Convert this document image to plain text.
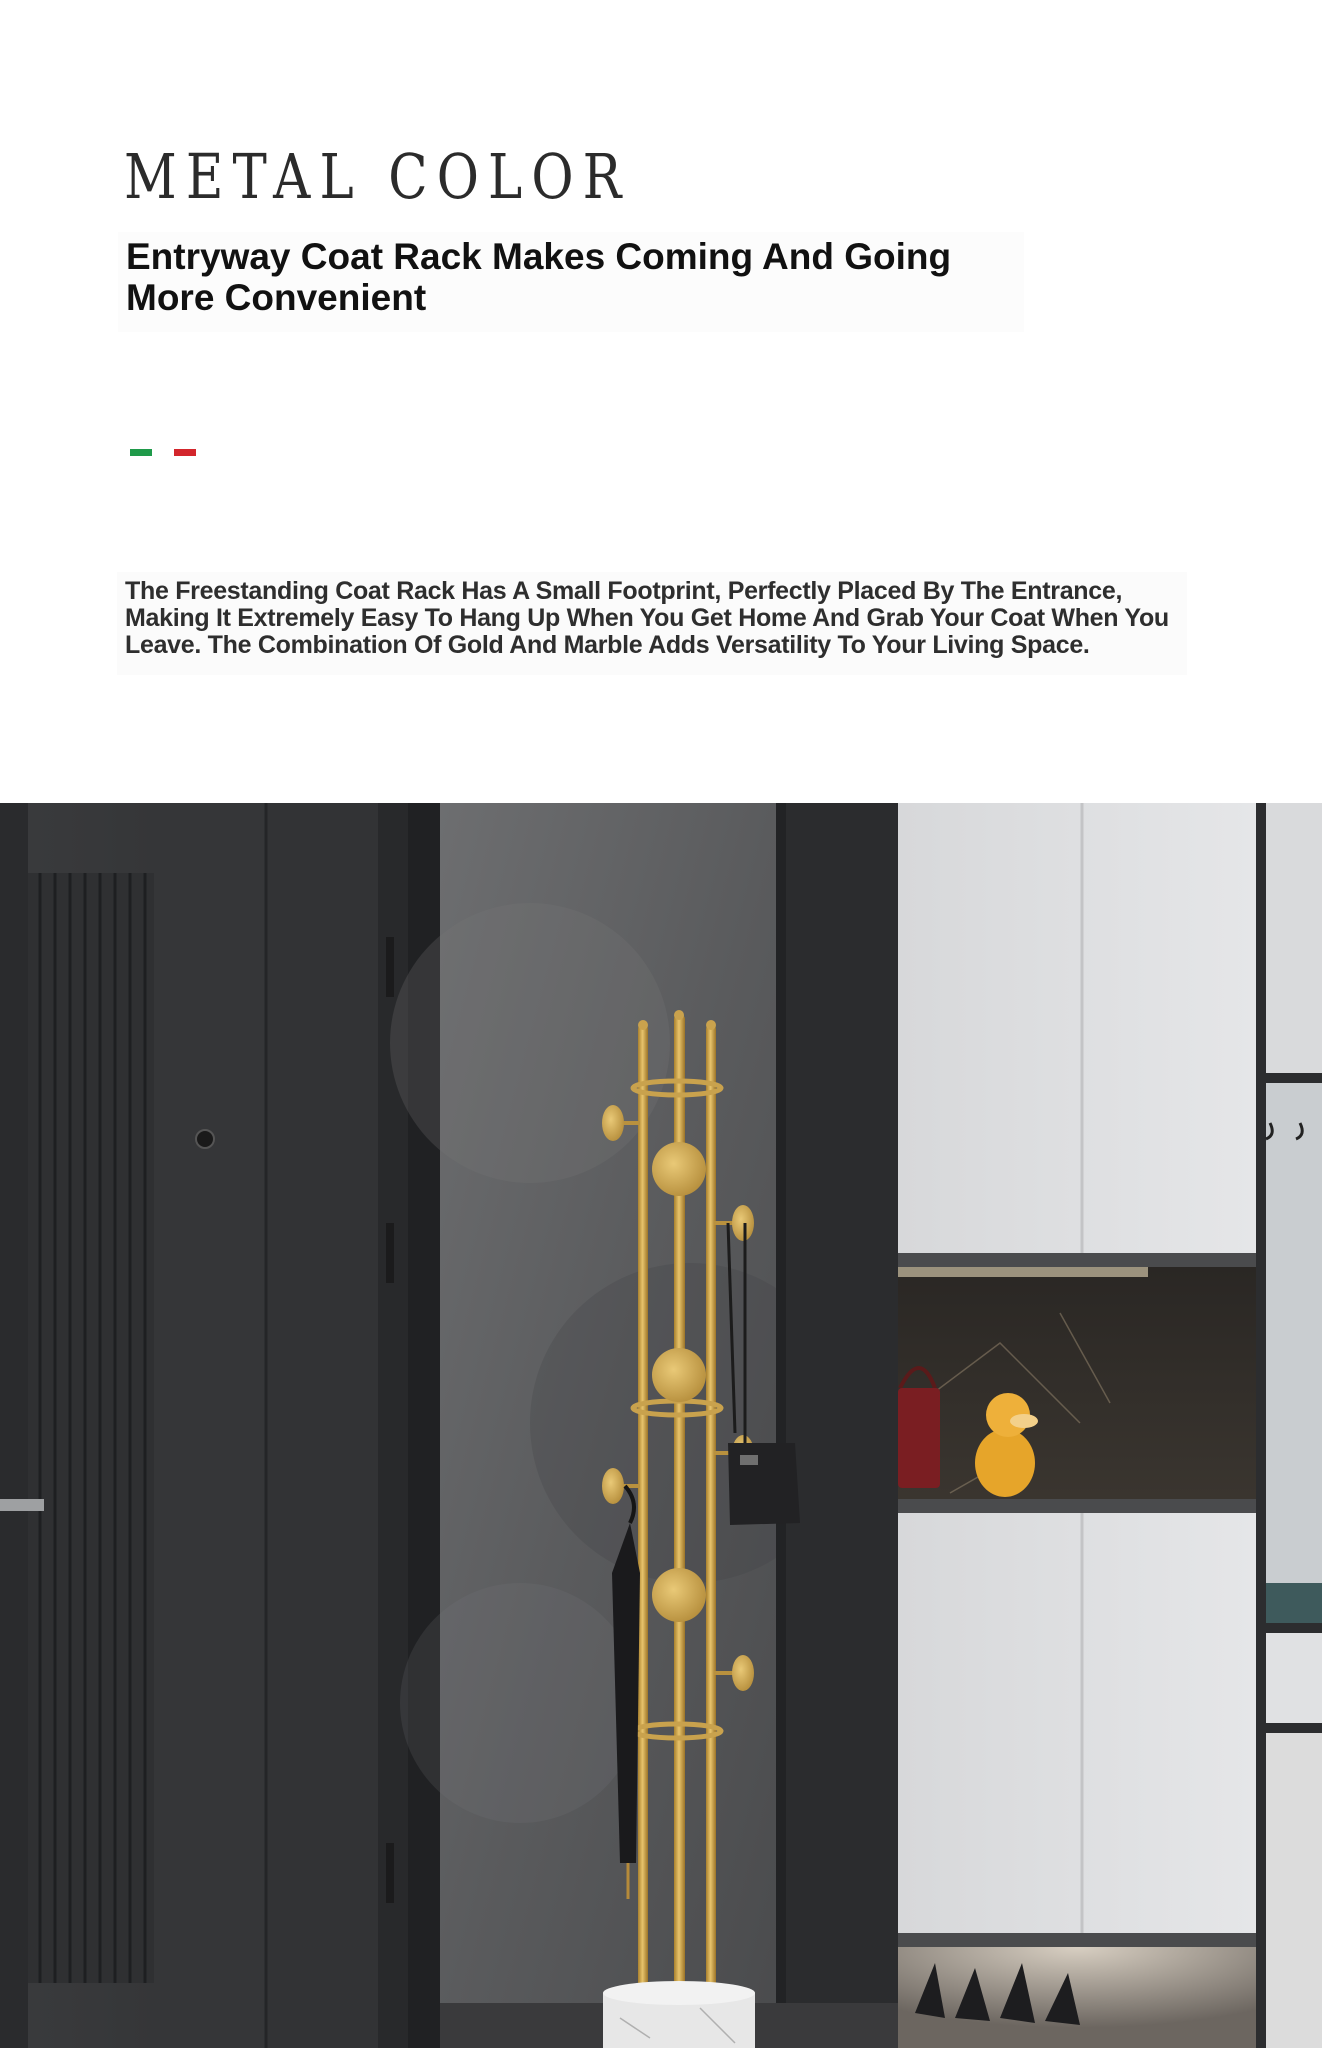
METAL COLOR
Entryway Coat Rack Makes Coming And Going More Convenient

The Freestanding Coat Rack Has A Small Footprint, Perfectly Placed By The Entrance, Making It Extremely Easy To Hang Up When You Get Home And Grab Your Coat When You Leave. The Combination Of Gold And Marble Adds Versatility To Your Living Space.
